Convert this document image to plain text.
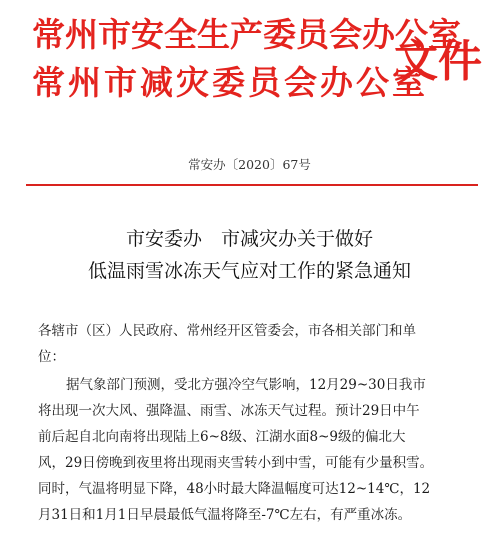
常州市安全生产委员会办公室
常州市减灾委员会办公室
文件
常安办〔2020〕67号
市安委办　市减灾办关于做好
低温雨雪冰冻天气应对工作的紧急通知
各辖市（区）人民政府、常州经开区管委会，市各相关部门和单
位：
据气象部门预测，受北方强冷空气影响，12月29~30日我市
将出现一次大风、强降温、雨雪、冰冻天气过程。预计29日中午
前后起自北向南将出现陆上6~8级、江湖水面8~9级的偏北大
风，29日傍晚到夜里将出现雨夹雪转小到中雪，可能有少量积雪。
同时，气温将明显下降，48小时最大降温幅度可达12~14℃，12
月31日和1月1日早晨最低气温将降至-7℃左右，有严重冰冻。
